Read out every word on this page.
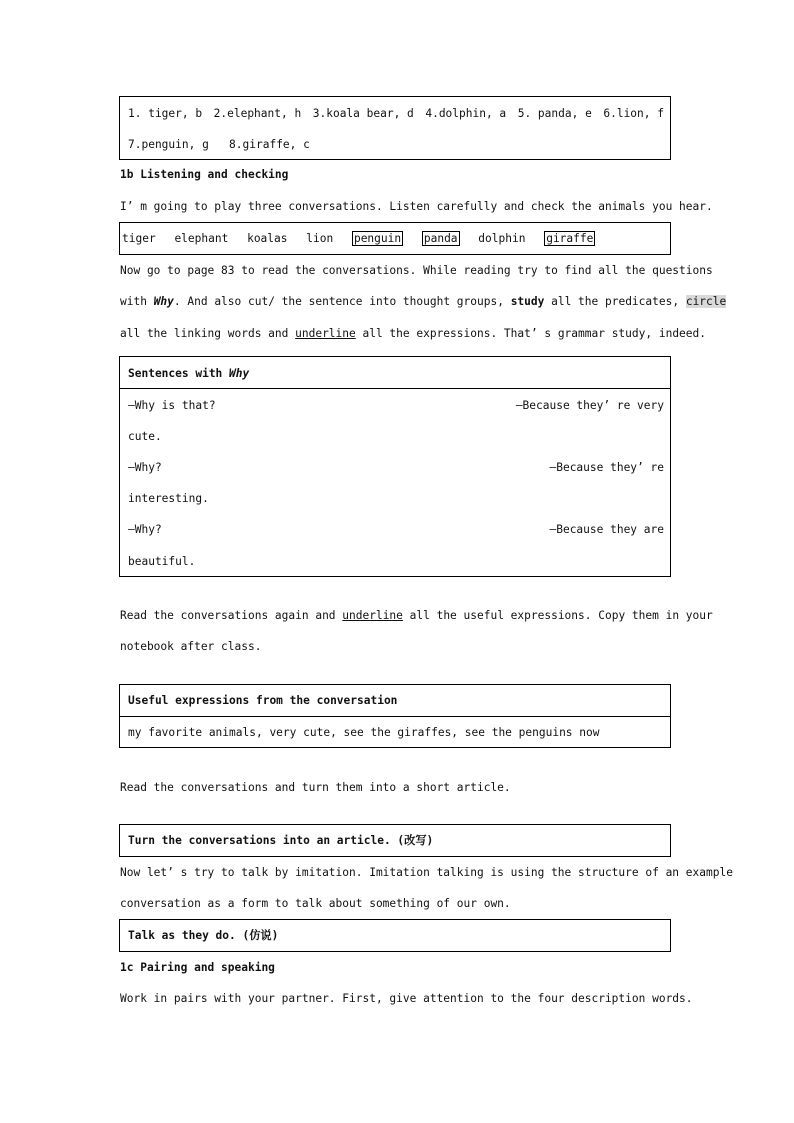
1. tiger, b 2.elephant, h 3.koala bear, d 4.dolphin, a 5. panda, e 6.lion, f
7.penguin, g 8.giraffe, c
1b Listening and checking
I’ m going to play three conversations. Listen carefully and check the animals you hear.
tiger elephant koalas lion penguin panda dolphin giraffe
Now go to page 83 to read the conversations. While reading try to find all the questions
with Why. And also cut/ the sentence into thought groups, study all the predicates, circle
all the linking words and underline all the expressions. That’ s grammar study, indeed.
Sentences with Why
—Why is that?	—Because they’ re very
cute.
—Why?	—Because they’ re
interesting.
—Why?	—Because they are
beautiful.
Read the conversations again and underline all the useful expressions. Copy them in your
notebook after class.
Useful expressions from the conversation
my favorite animals, very cute, see the giraffes, see the penguins now
Read the conversations and turn them into a short article.
Turn the conversations into an article. (改写)
Now let’ s try to talk by imitation. Imitation talking is using the structure of an example
conversation as a form to talk about something of our own.
Talk as they do. (仿说)
1c Pairing and speaking
Work in pairs with your partner. First, give attention to the four description words.
